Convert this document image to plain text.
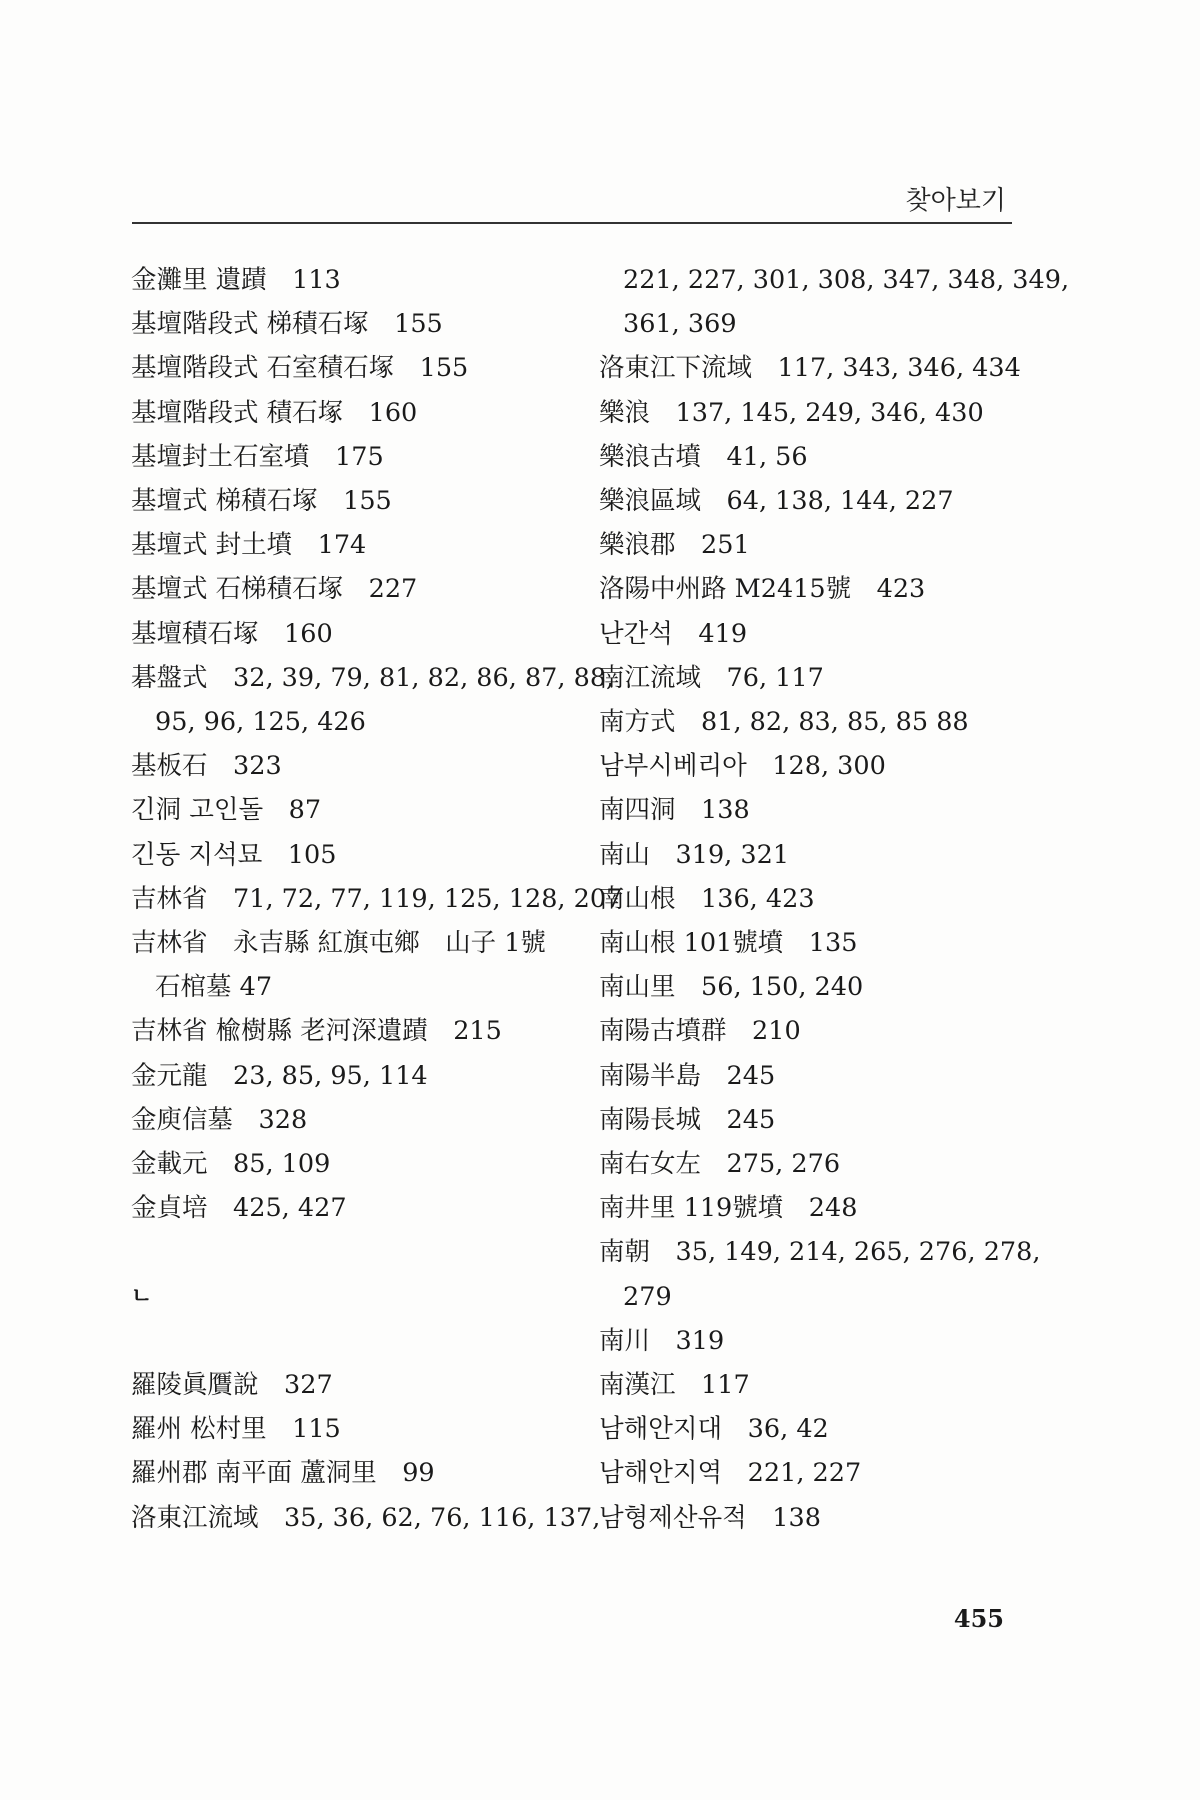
찾아보기
金灘里 遺蹟　113
基壇階段式 梯積石塚　155
基壇階段式 石室積石塚　155
基壇階段式 積石塚　160
基壇封土石室墳　175
基壇式 梯積石塚　155
基壇式 封土墳　174
基壇式 石梯積石塚　227
基壇積石塚　160
碁盤式　32, 39, 79, 81, 82, 86, 87, 88,
95, 96, 125, 426
基板石　323
긴洞 고인돌　87
긴동 지석묘　105
吉林省　71, 72, 77, 119, 125, 128, 207
吉林省　永吉縣 紅旗屯鄉　山子 1號
石棺墓 47
吉林省 楡樹縣 老河深遺蹟　215
金元龍　23, 85, 95, 114
金庾信墓　328
金載元　85, 109
金貞培　425, 427
ㄴ
羅陵眞贋說　327
羅州 松村里　115
羅州郡 南平面 蘆洞里　99
洛東江流域　35, 36, 62, 76, 116, 137,
221, 227, 301, 308, 347, 348, 349,
361, 369
洛東江下流域　117, 343, 346, 434
樂浪　137, 145, 249, 346, 430
樂浪古墳　41, 56
樂浪區域　64, 138, 144, 227
樂浪郡　251
洛陽中州路 M2415號　423
난간석　419
南江流域　76, 117
南方式　81, 82, 83, 85, 85 88
남부시베리아　128, 300
南四洞　138
南山　319, 321
南山根　136, 423
南山根 101號墳　135
南山里　56, 150, 240
南陽古墳群　210
南陽半島　245
南陽長城　245
南右女左　275, 276
南井里 119號墳　248
南朝　35, 149, 214, 265, 276, 278,
279
南川　319
南漢江　117
남해안지대　36, 42
남해안지역　221, 227
남형제산유적　138
455
